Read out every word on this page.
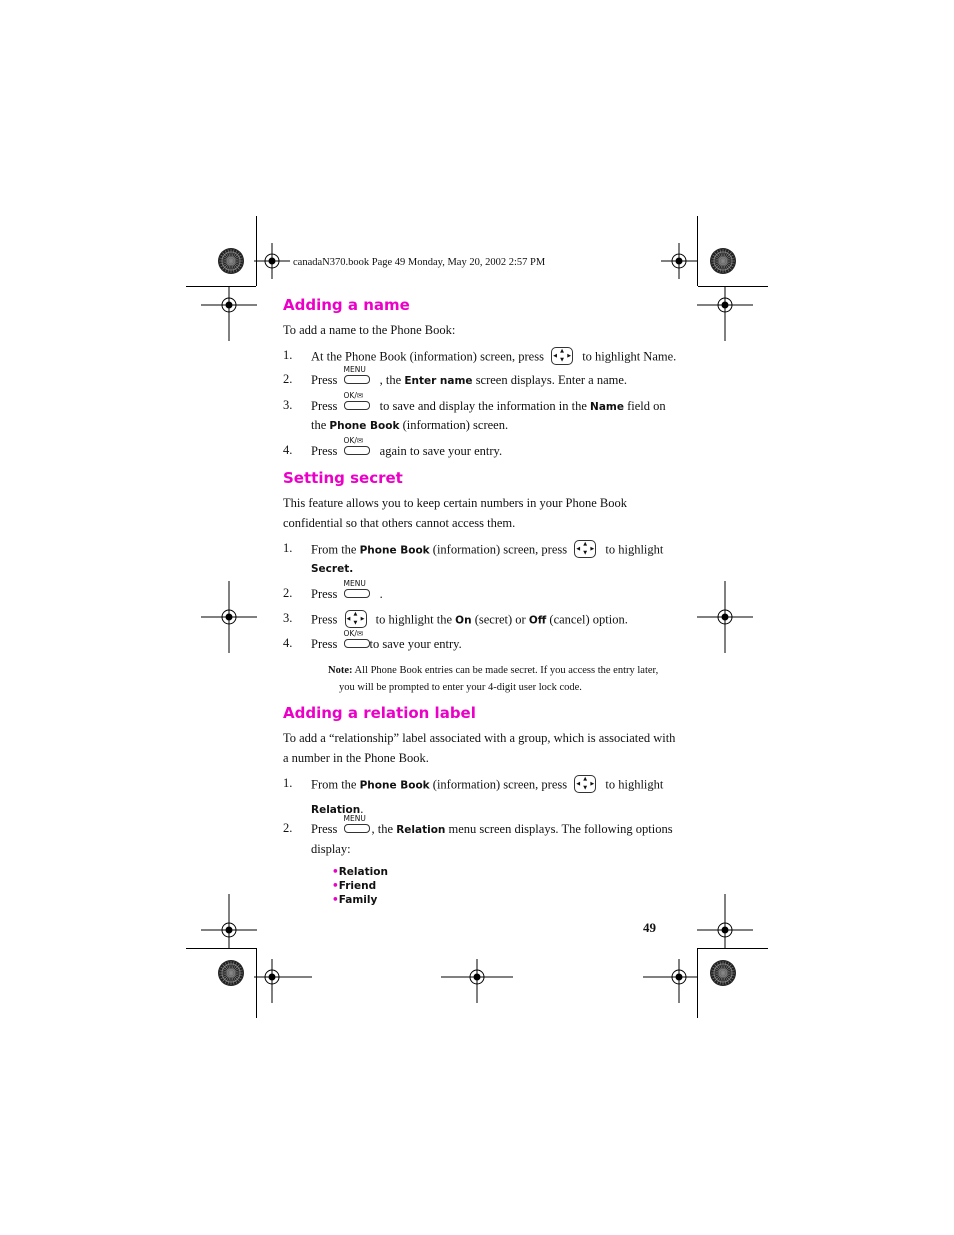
canadaN370.book Page 49 Monday, May 20, 2002 2:57 PM
Adding a name
To add a name to the Phone Book:
1. At the Phone Book (information) screen, press	▲
▼
◀ ▶ to highlight Name.
2. Press
MENU
, the Enter name screen displays. Enter a name.
3. Press
OK/✉
to save and display the information in the Name field on
the Phone Book (information) screen.
4. Press
OK/✉
again to save your entry.
Setting secret
This feature allows you to keep certain numbers in your Phone Book
confidential so that others cannot access them.
1. From the Phone Book (information) screen, press	▲
▼
◀ ▶ to highlight
Secret.
2. Press
MENU
.
3. Press	▲
▼
◀ ▶ to highlight the On (secret) or Off (cancel) option.
4. Press
OK/✉
to save your entry.
Note: All Phone Book entries can be made secret. If you access the entry later,
you will be prompted to enter your 4-digit user lock code.
Adding a relation label
To add a “relationship” label associated with a group, which is associated with
a number in the Phone Book.
1. From the Phone Book (information) screen, press	▲
▼
◀ ▶ to highlight
Relation.
2. Press
MENU
, the Relation menu screen displays. The following options
display:
•Relation
•Friend
•Family
49
